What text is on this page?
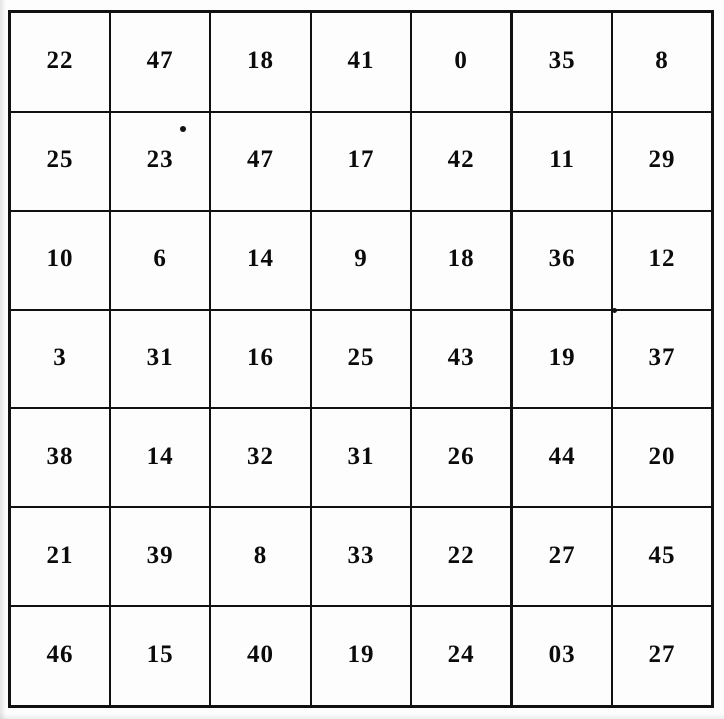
22	47	18	41	0	35	8
25	23	47	17	42	11	29
10	6	14	9	18	36	12
3	31	16	25	43	19	37
38	14	32	31	26	44	20
21	39	8	33	22	27	45
46	15	40	19	24	03	27
